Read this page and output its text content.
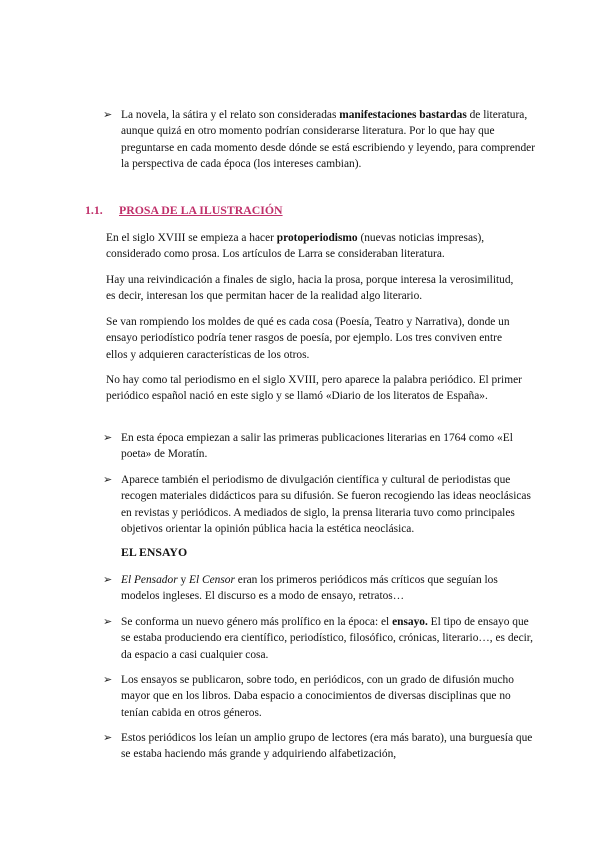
➢ La novela, la sátira y el relato son consideradas manifestaciones bastardas de literatura, aunque quizá en otro momento podrían considerarse literatura. Por lo que hay que preguntarse en cada momento desde dónde se está escribiendo y leyendo, para comprender la perspectiva de cada época (los intereses cambian).
1.1. PROSA DE LA ILUSTRACIÓN
En el siglo XVIII se empieza a hacer protoperiodismo (nuevas noticias impresas), considerado como prosa. Los artículos de Larra se consideraban literatura.
Hay una reivindicación a finales de siglo, hacia la prosa, porque interesa la verosimilitud, es decir, interesan los que permitan hacer de la realidad algo literario.
Se van rompiendo los moldes de qué es cada cosa (Poesía, Teatro y Narrativa), donde un ensayo periodístico podría tener rasgos de poesía, por ejemplo. Los tres conviven entre ellos y adquieren características de los otros.
No hay como tal periodismo en el siglo XVIII, pero aparece la palabra periódico. El primer periódico español nació en este siglo y se llamó «Diario de los literatos de España».
➢ En esta época empiezan a salir las primeras publicaciones literarias en 1764 como «El poeta» de Moratín.
➢ Aparece también el periodismo de divulgación científica y cultural de periodistas que recogen materiales didácticos para su difusión. Se fueron recogiendo las ideas neoclásicas en revistas y periódicos. A mediados de siglo, la prensa literaria tuvo como principales objetivos orientar la opinión pública hacia la estética neoclásica.
EL ENSAYO
➢ El Pensador y El Censor eran los primeros periódicos más críticos que seguían los modelos ingleses. El discurso es a modo de ensayo, retratos…
➢ Se conforma un nuevo género más prolífico en la época: el ensayo. El tipo de ensayo que se estaba produciendo era científico, periodístico, filosófico, crónicas, literario…, es decir, da espacio a casi cualquier cosa.
➢ Los ensayos se publicaron, sobre todo, en periódicos, con un grado de difusión mucho mayor que en los libros. Daba espacio a conocimientos de diversas disciplinas que no tenían cabida en otros géneros.
➢ Estos periódicos los leían un amplio grupo de lectores (era más barato), una burguesía que se estaba haciendo más grande y adquiriendo alfabetización,
